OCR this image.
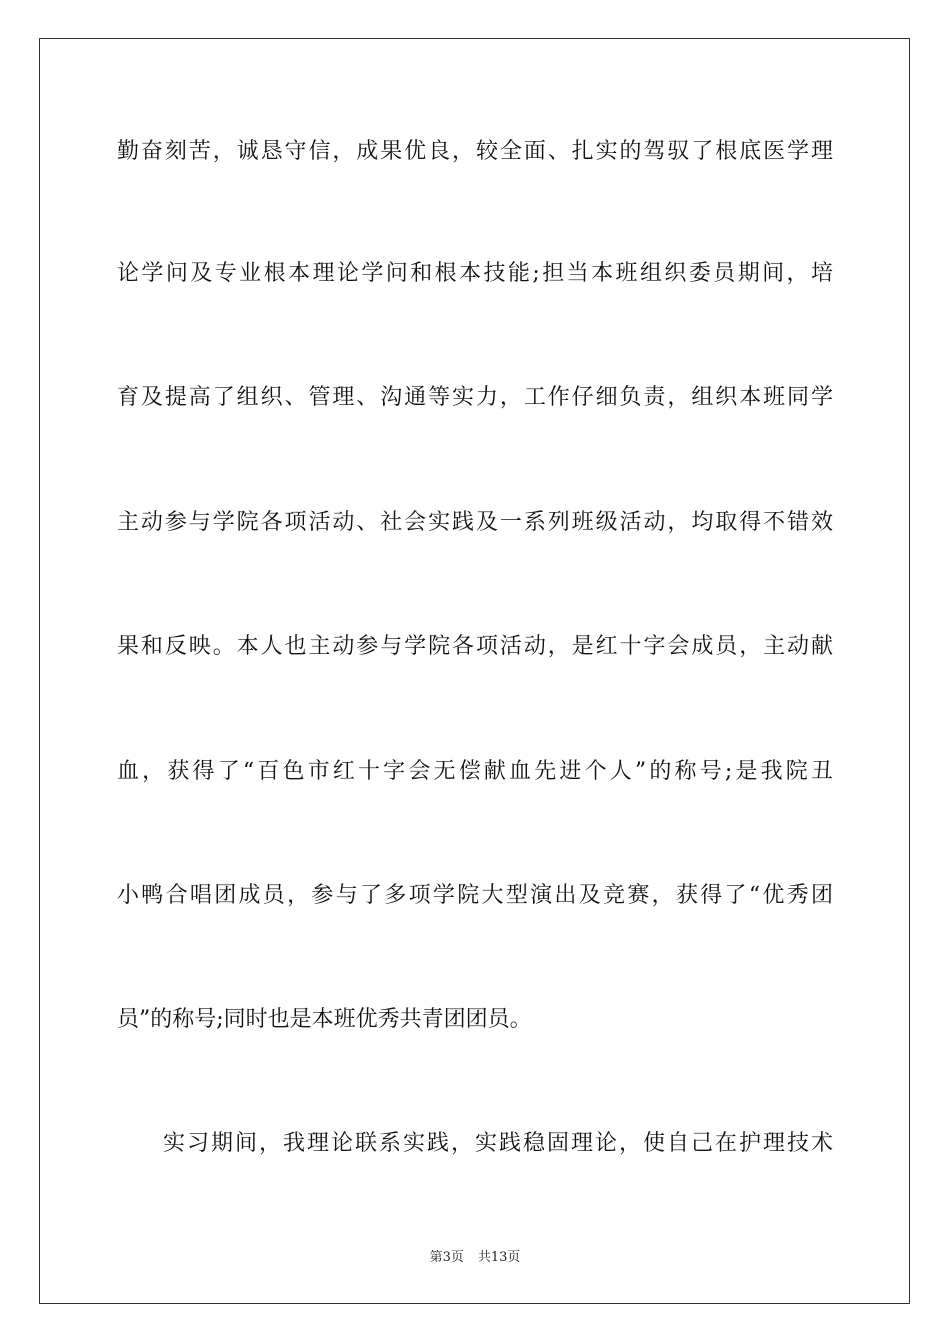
勤奋刻苦，诚恳守信，成果优良，较全面、扎实的驾驭了根底医学理
论学问及专业根本理论学问和根本技能;担当本班组织委员期间，培
育及提高了组织、管理、沟通等实力，工作仔细负责，组织本班同学
主动参与学院各项活动、社会实践及一系列班级活动，均取得不错效
果和反映。本人也主动参与学院各项活动，是红十字会成员，主动献
血，获得了“百色市红十字会无偿献血先进个人”的称号;是我院丑
小鸭合唱团成员，参与了多项学院大型演出及竞赛，获得了“优秀团
员”的称号;同时也是本班优秀共青团团员。
实习期间，我理论联系实践，实践稳固理论，使自己在护理技术
第3页 共13页
